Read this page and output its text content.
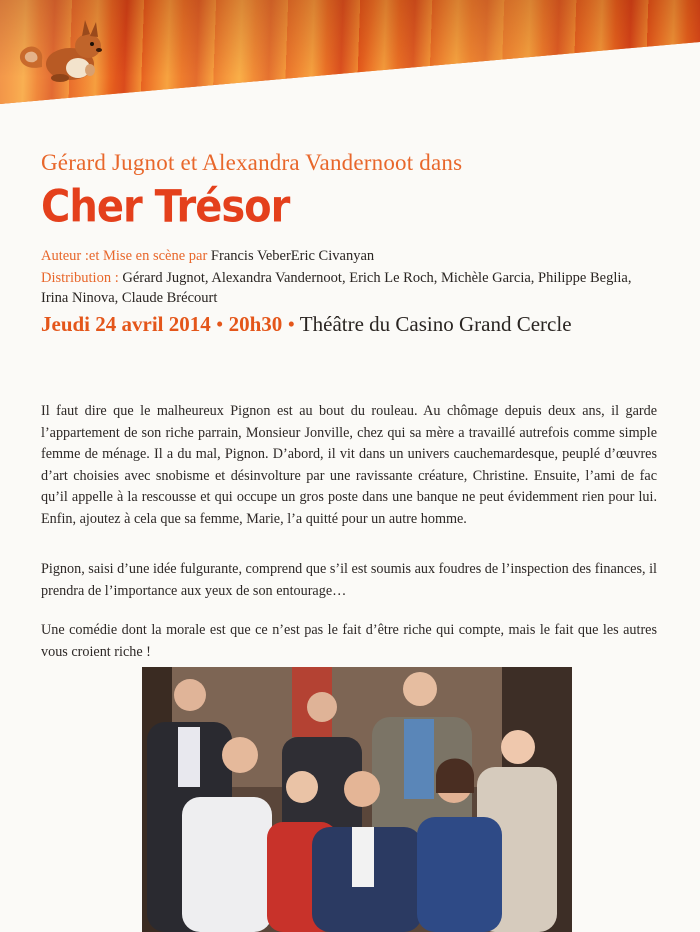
Gérard Jugnot et Alexandra Vandernoot dans
Cher Trésor
Auteur :et Mise en scène par Francis VeberEric Civanyan
Distribution : Gérard Jugnot, Alexandra Vandernoot, Erich Le Roch, Michèle Garcia, Philippe Beglia, Irina Ninova, Claude Brécourt
Jeudi 24 avril 2014 • 20h30 • Théâtre du Casino Grand Cercle
Il faut dire que le malheureux Pignon est au bout du rouleau. Au chômage depuis deux ans, il garde l’appartement de son riche parrain, Monsieur Jonville, chez qui sa mère a travaillé autrefois comme simple femme de ménage. Il a du mal, Pignon. D’abord, il vit dans un univers cauchemardesque, peuplé d’œuvres d’art choisies avec snobisme et désinvolture par une ravissante créature, Christine. Ensuite, l’ami de fac qu’il appelle à la rescousse et qui occupe un gros poste dans une banque ne peut évidemment rien pour lui. Enfin, ajoutez à cela que sa femme, Marie, l’a quitté pour un autre homme.
Pignon, saisi d’une idée fulgurante, comprend que s’il est soumis aux foudres de l’inspection des finances, il prendra de l’importance aux yeux de son entourage…
Une comédie dont la morale est que ce n’est pas le fait d’être riche qui compte, mais le fait que les autres vous croient riche !
